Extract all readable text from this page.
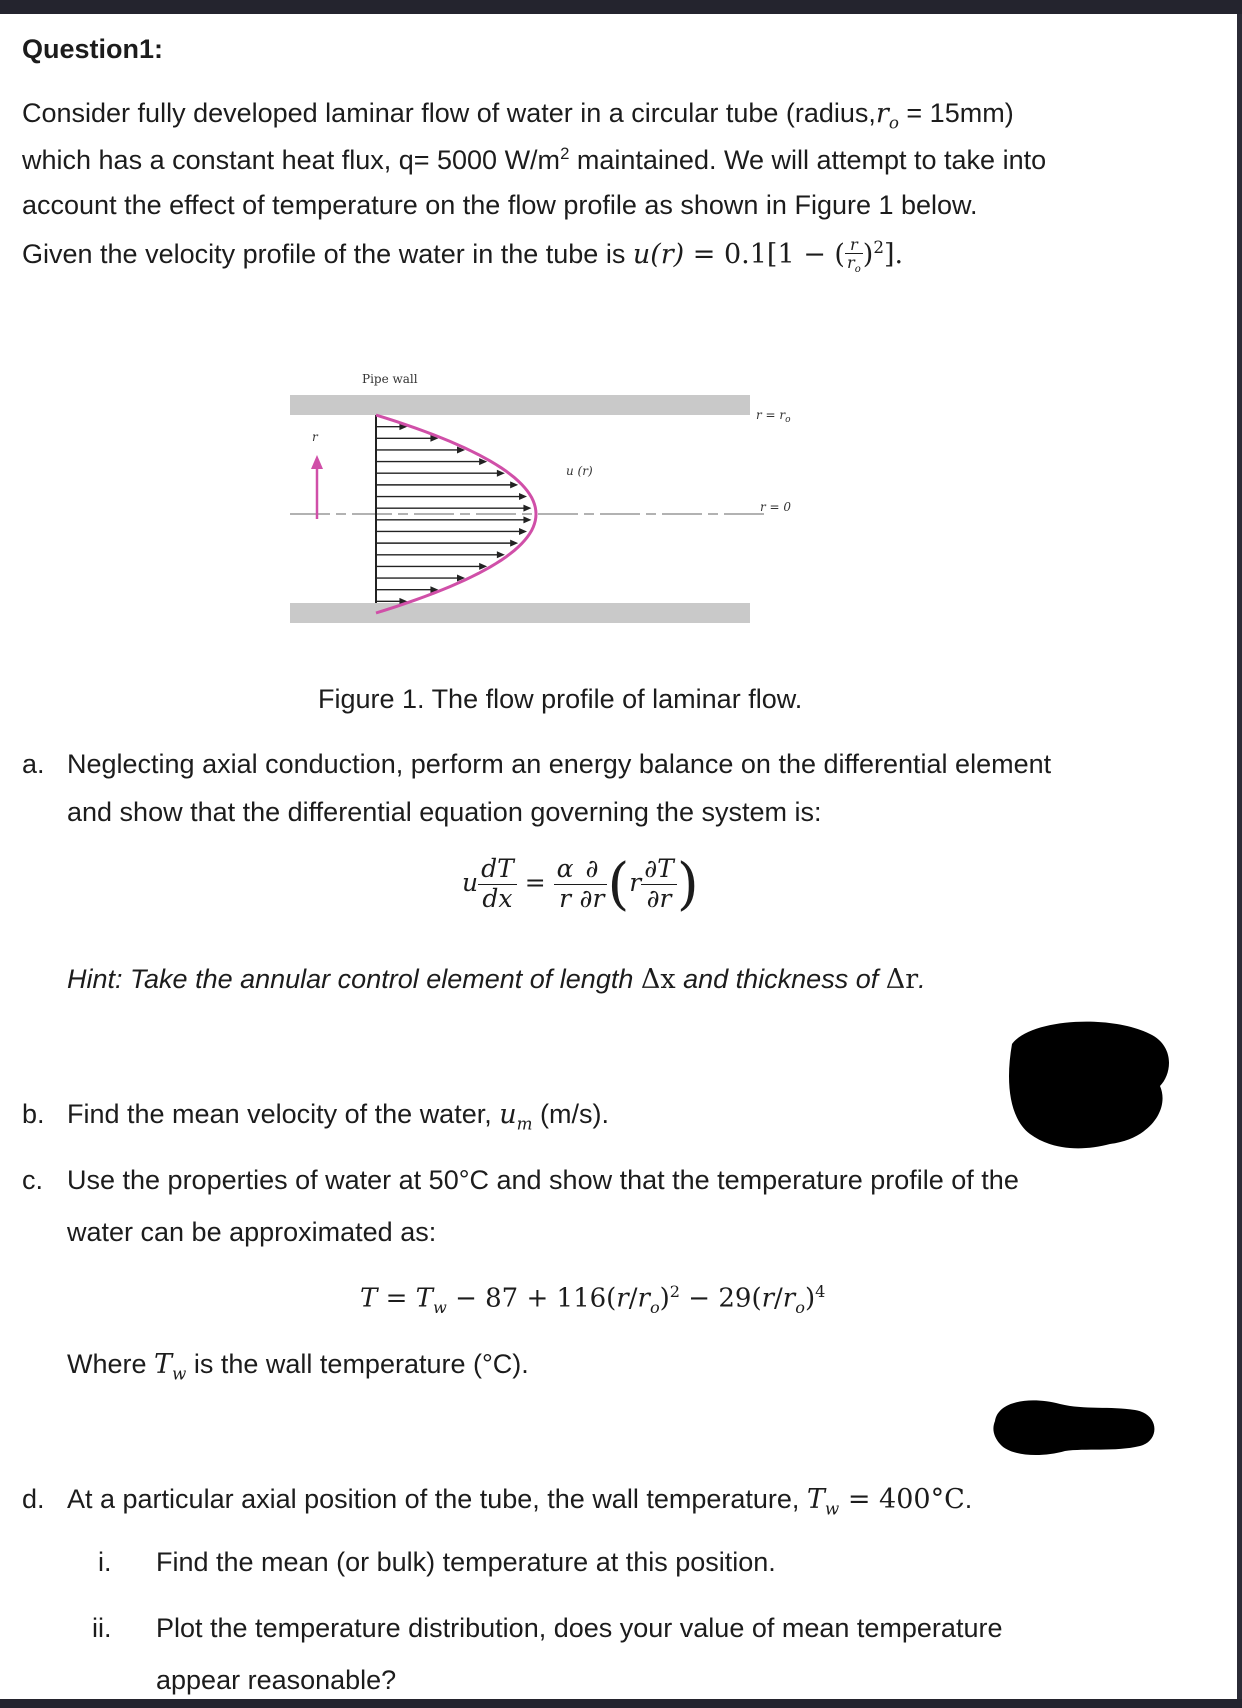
Question1:
Consider fully developed laminar flow of water in a circular tube $(radius,r_o = 15mm)$
which has a constant heat flux, q= 5000 $W/m^2$ maintained. We will attempt to take into
account the effect of temperature on the flow profile as shown in Figure 1 below.
Given the velocity profile of the water in the tube is u(r) = 0.1[1 − ( $\frac{r}{r_o} )^2$].
Pipe wall
r
u (r)
$r = r_o$
r = 0
Figure 1. The flow profile of laminar flow.
a. Neglecting axial conduction, perform an energy balance on the differential element
and show that the differential equation governing the system is:
u $\frac{dT}{dx} = \frac{\alpha}{r} \frac{\partial}{\partial r} (r \frac{\partial T}{\partial r}$ )
Hint: Take the annular control element of length Δx and thickness of Δr.
b. Find the mean velocity of the water, $u_m$ (m/s).
c. Use the properties of water at 50°C and show that the temperature profile of the
water can be approximated as:
$T = T_w - 87 + 116(r/r_o)^2 - 29(r/r_o)^4$
Where $T_w$ is the wall temperature (°C).
d. At a particular axial position of the tube, the wall temperature, $T_w = 400^\circ C$.
i. Find the mean (or bulk) temperature at this position.
ii. Plot the temperature distribution, does your value of mean temperature
appear reasonable?
